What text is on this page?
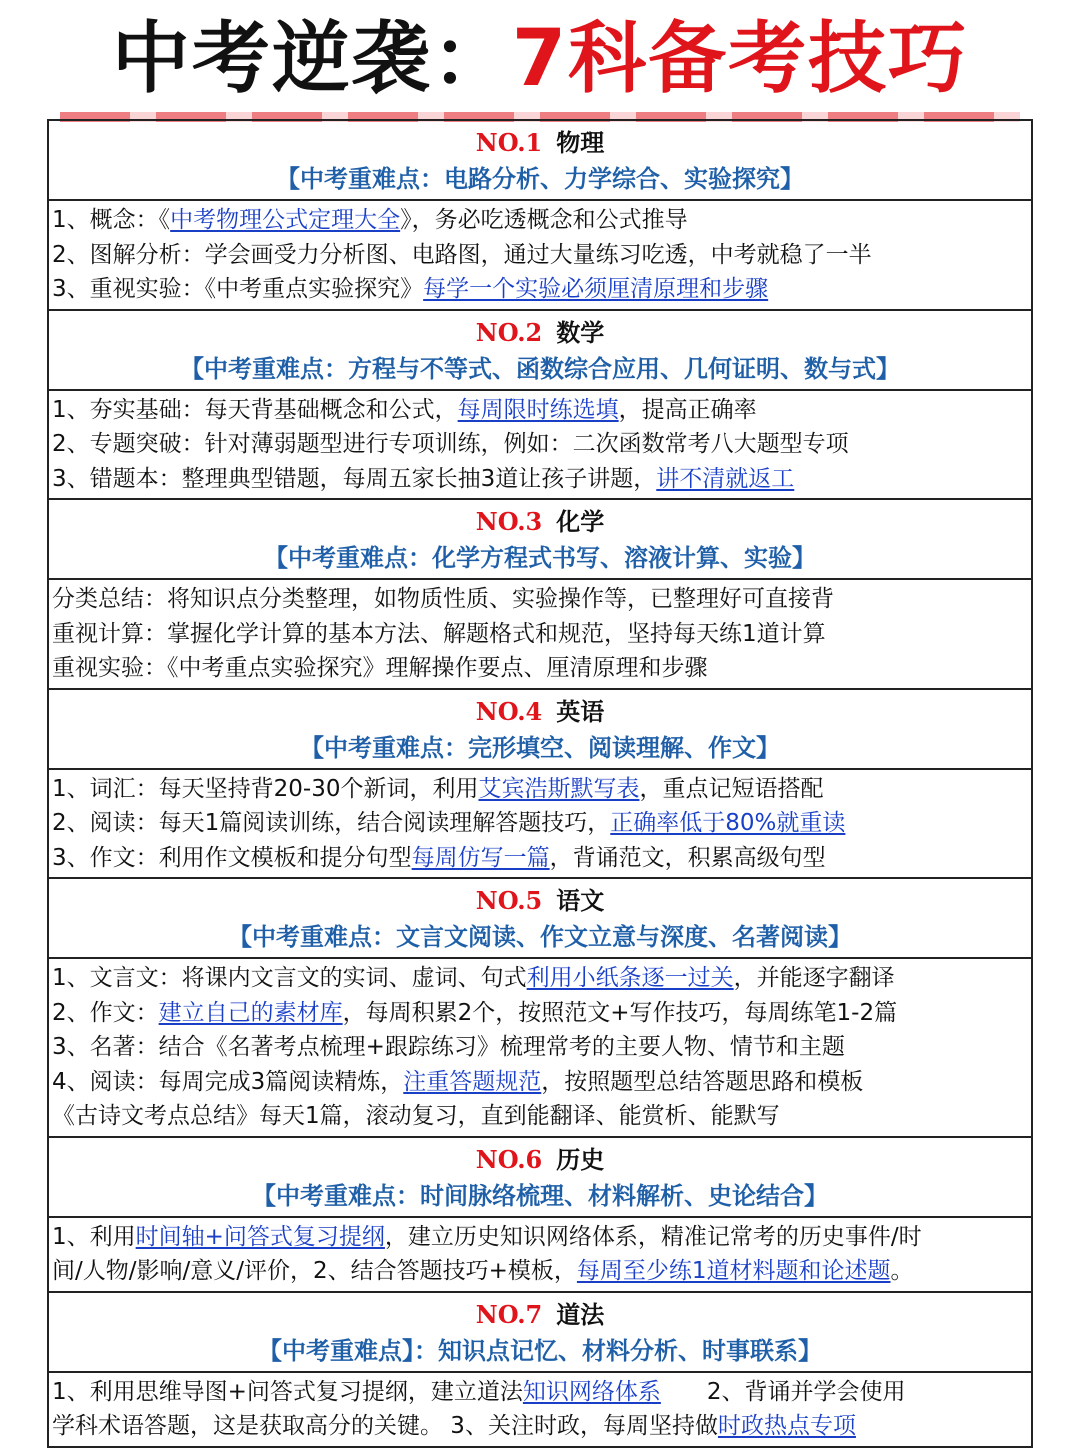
中考逆袭：7科备考技巧
NO.1 物理
【中考重难点：电路分析、力学综合、实验探究】
1、概念：《中考物理公式定理大全》，务必吃透概念和公式推导
2、图解分析：学会画受力分析图、电路图，通过大量练习吃透，中考就稳了一半
3、重视实验：《中考重点实验探究》每学一个实验必须厘清原理和步骤
NO.2 数学
【中考重难点：方程与不等式、函数综合应用、几何证明、数与式】
1、夯实基础：每天背基础概念和公式，每周限时练选填，提高正确率
2、专题突破：针对薄弱题型进行专项训练，例如：二次函数常考八大题型专项
3、错题本：整理典型错题，每周五家长抽3道让孩子讲题，讲不清就返工
NO.3 化学
【中考重难点：化学方程式书写、溶液计算、实验】
分类总结：将知识点分类整理，如物质性质、实验操作等，已整理好可直接背
重视计算：掌握化学计算的基本方法、解题格式和规范，坚持每天练1道计算
重视实验：《中考重点实验探究》理解操作要点、厘清原理和步骤
NO.4 英语
【中考重难点：完形填空、阅读理解、作文】
1、词汇：每天坚持背20-30个新词，利用艾宾浩斯默写表，重点记短语搭配
2、阅读：每天1篇阅读训练，结合阅读理解答题技巧，正确率低于80%就重读
3、作文：利用作文模板和提分句型每周仿写一篇，背诵范文，积累高级句型
NO.5 语文
【中考重难点：文言文阅读、作文立意与深度、名著阅读】
1、文言文：将课内文言文的实词、虚词、句式利用小纸条逐一过关，并能逐字翻译
2、作文：建立自己的素材库，每周积累2个，按照范文+写作技巧，每周练笔1-2篇
3、名著：结合《名著考点梳理+跟踪练习》梳理常考的主要人物、情节和主题
4、阅读：每周完成3篇阅读精炼，注重答题规范，按照题型总结答题思路和模板
《古诗文考点总结》每天1篇，滚动复习，直到能翻译、能赏析、能默写
NO.6 历史
【中考重难点：时间脉络梳理、材料解析、史论结合】
1、利用时间轴+问答式复习提纲，建立历史知识网络体系，精准记常考的历史事件/时
间/人物/影响/意义/评价，2、结合答题技巧+模板，每周至少练1道材料题和论述题。
NO.7 道法
【中考重难点】：知识点记忆、材料分析、时事联系】
1、利用思维导图+问答式复习提纲，建立道法知识网络体系　　2、背诵并学会使用
学科术语答题，这是获取高分的关键。 3、关注时政，每周坚持做时政热点专项
